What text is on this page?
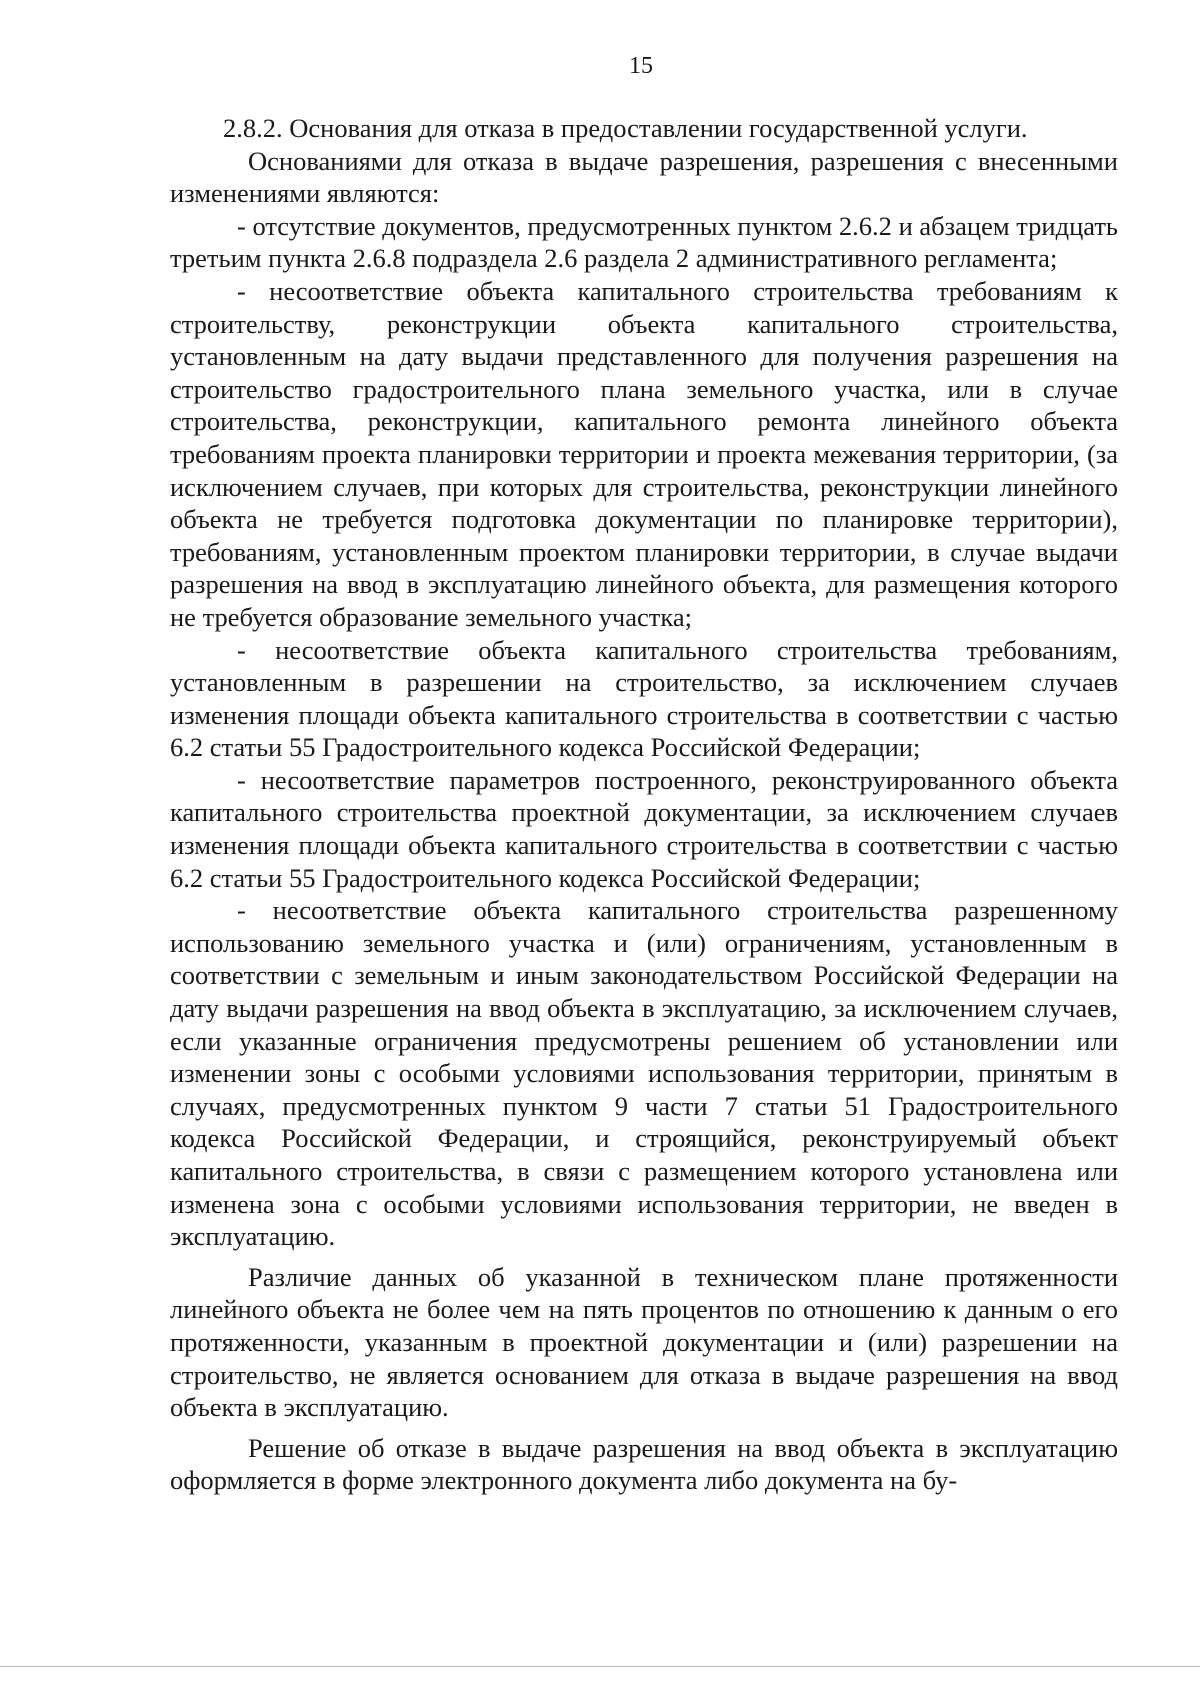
15

2.8.2. Основания для отказа в предоставлении государственной услуги.

Основаниями для отказа в выдаче разрешения, разрешения с внесенными изменениями являются:

- отсутствие документов, предусмотренных пунктом 2.6.2 и абзацем тридцать третьим пункта 2.6.8 подраздела 2.6 раздела 2 административного регламента;

- несоответствие объекта капитального строительства требованиям к строительству, реконструкции объекта капитального строительства, установленным на дату выдачи представленного для получения разрешения на строительство градостроительного плана земельного участка, или в случае строительства, реконструкции, капитального ремонта линейного объекта требованиям проекта планировки территории и проекта межевания территории, (за исключением случаев, при которых для строительства, реконструкции линейного объекта не требуется подготовка документации по планировке территории), требованиям, установленным проектом планировки территории, в случае выдачи разрешения на ввод в эксплуатацию линейного объекта, для размещения которого не требуется образование земельного участка;

- несоответствие объекта капитального строительства требованиям, установленным в разрешении на строительство, за исключением случаев изменения площади объекта капитального строительства в соответствии с частью 6.2 статьи 55 Градостроительного кодекса Российской Федерации;

- несоответствие параметров построенного, реконструированного объекта капитального строительства проектной документации, за исключением случаев изменения площади объекта капитального строительства в соответствии с частью 6.2 статьи 55 Градостроительного кодекса Российской Федерации;

- несоответствие объекта капитального строительства разрешенному использованию земельного участка и (или) ограничениям, установленным в соответствии с земельным и иным законодательством Российской Федерации на дату выдачи разрешения на ввод объекта в эксплуатацию, за исключением случаев, если указанные ограничения предусмотрены решением об установлении или изменении зоны с особыми условиями использования территории, принятым в случаях, предусмотренных пунктом 9 части 7 статьи 51 Градостроительного кодекса Российской Федерации, и строящийся, реконструируемый объект капитального строительства, в связи с размещением которого установлена или изменена зона с особыми условиями использования территории, не введен в эксплуатацию.

Различие данных об указанной в техническом плане протяженности линейного объекта не более чем на пять процентов по отношению к данным о его протяженности, указанным в проектной документации и (или) разрешении на строительство, не является основанием для отказа в выдаче разрешения на ввод объекта в эксплуатацию.

Решение об отказе в выдаче разрешения на ввод объекта в эксплуатацию оформляется в форме электронного документа либо документа на бу-
